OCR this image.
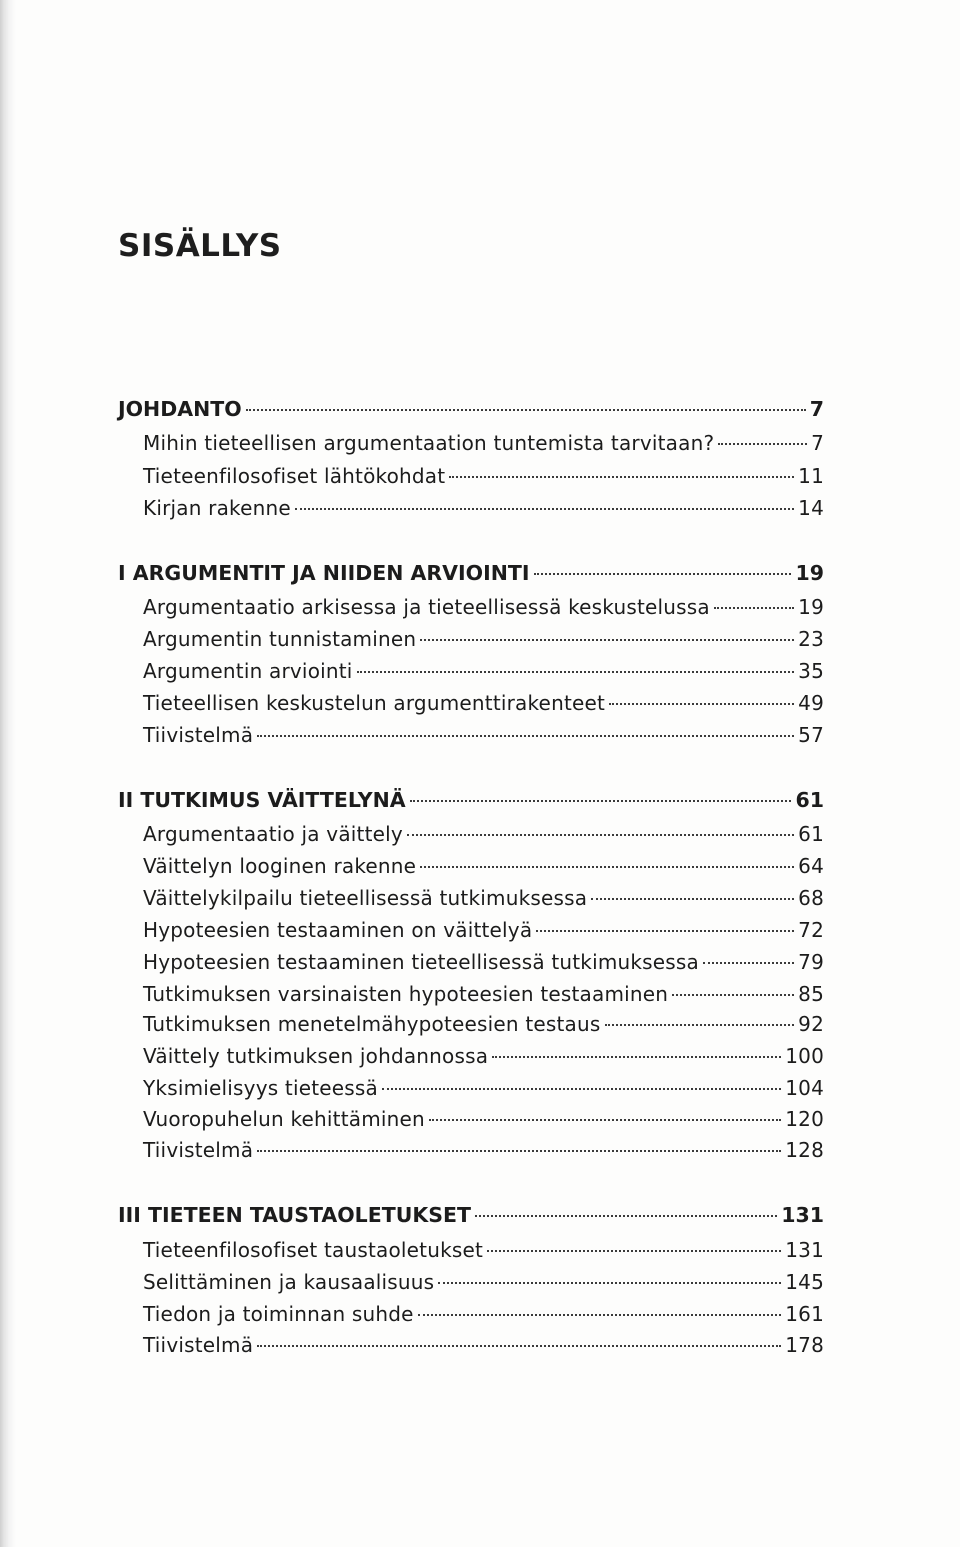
SISÄLLYS
JOHDANTO	7
Mihin tieteellisen argumentaation tuntemista tarvitaan?	7
Tieteenfilosofiset lähtökohdat	11
Kirjan rakenne	14
I ARGUMENTIT JA NIIDEN ARVIOINTI	19
Argumentaatio arkisessa ja tieteellisessä keskustelussa	19
Argumentin tunnistaminen	23
Argumentin arviointi	35
Tieteellisen keskustelun argumenttirakenteet	49
Tiivistelmä	57
II TUTKIMUS VÄITTELYNÄ	61
Argumentaatio ja väittely	61
Väittelyn looginen rakenne	64
Väittelykilpailu tieteellisessä tutkimuksessa	68
Hypoteesien testaaminen on väittelyä	72
Hypoteesien testaaminen tieteellisessä tutkimuksessa	79
Tutkimuksen varsinaisten hypoteesien testaaminen	85
Tutkimuksen menetelmähypoteesien testaus	92
Väittely tutkimuksen johdannossa	100
Yksimielisyys tieteessä	104
Vuoropuhelun kehittäminen	120
Tiivistelmä	128
III TIETEEN TAUSTAOLETUKSET	131
Tieteenfilosofiset taustaoletukset	131
Selittäminen ja kausaalisuus	145
Tiedon ja toiminnan suhde	161
Tiivistelmä	178
